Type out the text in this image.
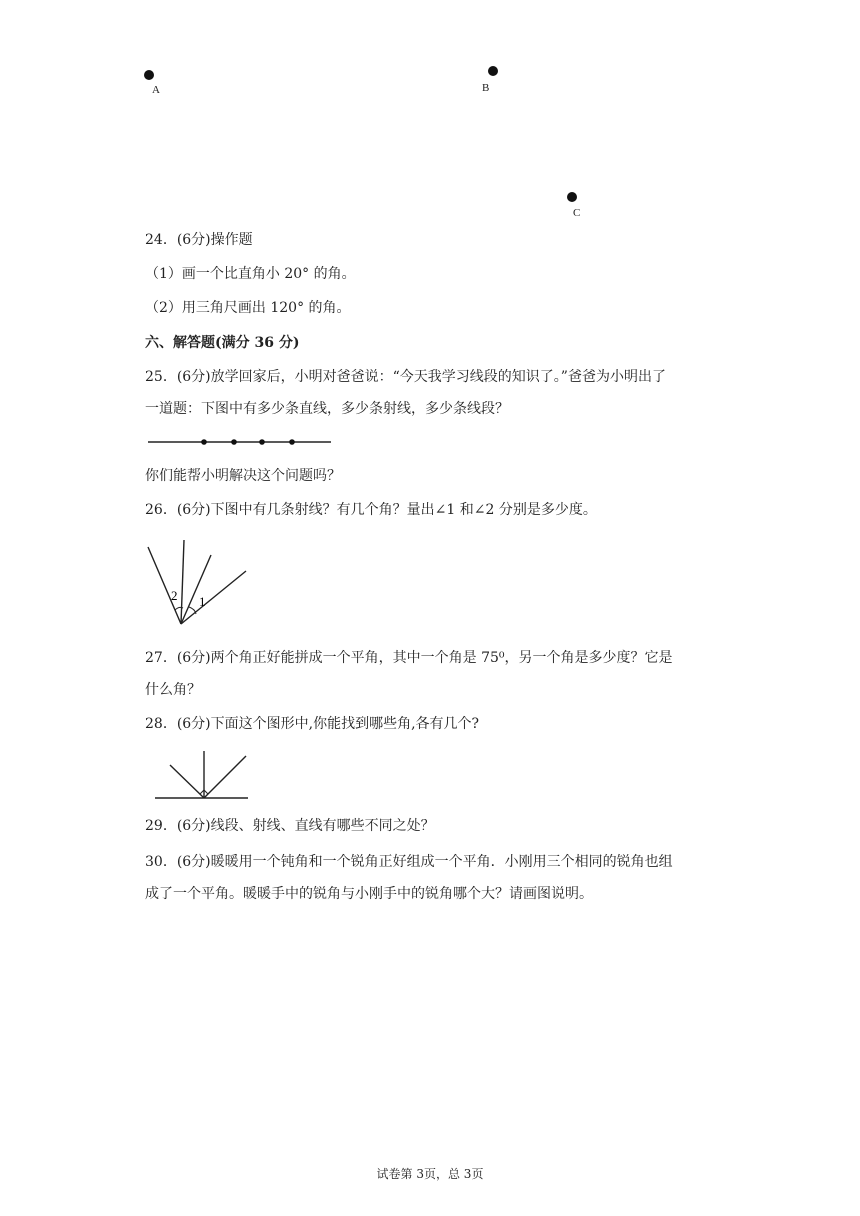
A	B
C
24．(6分)操作题
（1）画一个比直角小 20° 的角。
（2）用三角尺画出 120° 的角。
六、解答题(满分 36 分)
25．(6分)放学回家后，小明对爸爸说：“今天我学习线段的知识了。”爸爸为小明出了
一道题：下图中有多少条直线，多少条射线，多少条线段？
你们能帮小明解决这个问题吗？
26．(6分)下图中有几条射线？有几个角？量出∠1 和∠2 分别是多少度。
2 1
27．(6分)两个角正好能拼成一个平角，其中一个角是 75⁰，另一个角是多少度？它是
什么角？
28．(6分)下面这个图形中,你能找到哪些角,各有几个?
29．(6分)线段、射线、直线有哪些不同之处？
30．(6分)暖暖用一个钝角和一个锐角正好组成一个平角．小刚用三个相同的锐角也组
成了一个平角。暖暖手中的锐角与小刚手中的锐角哪个大？请画图说明。
试卷第 3页，总 3页
